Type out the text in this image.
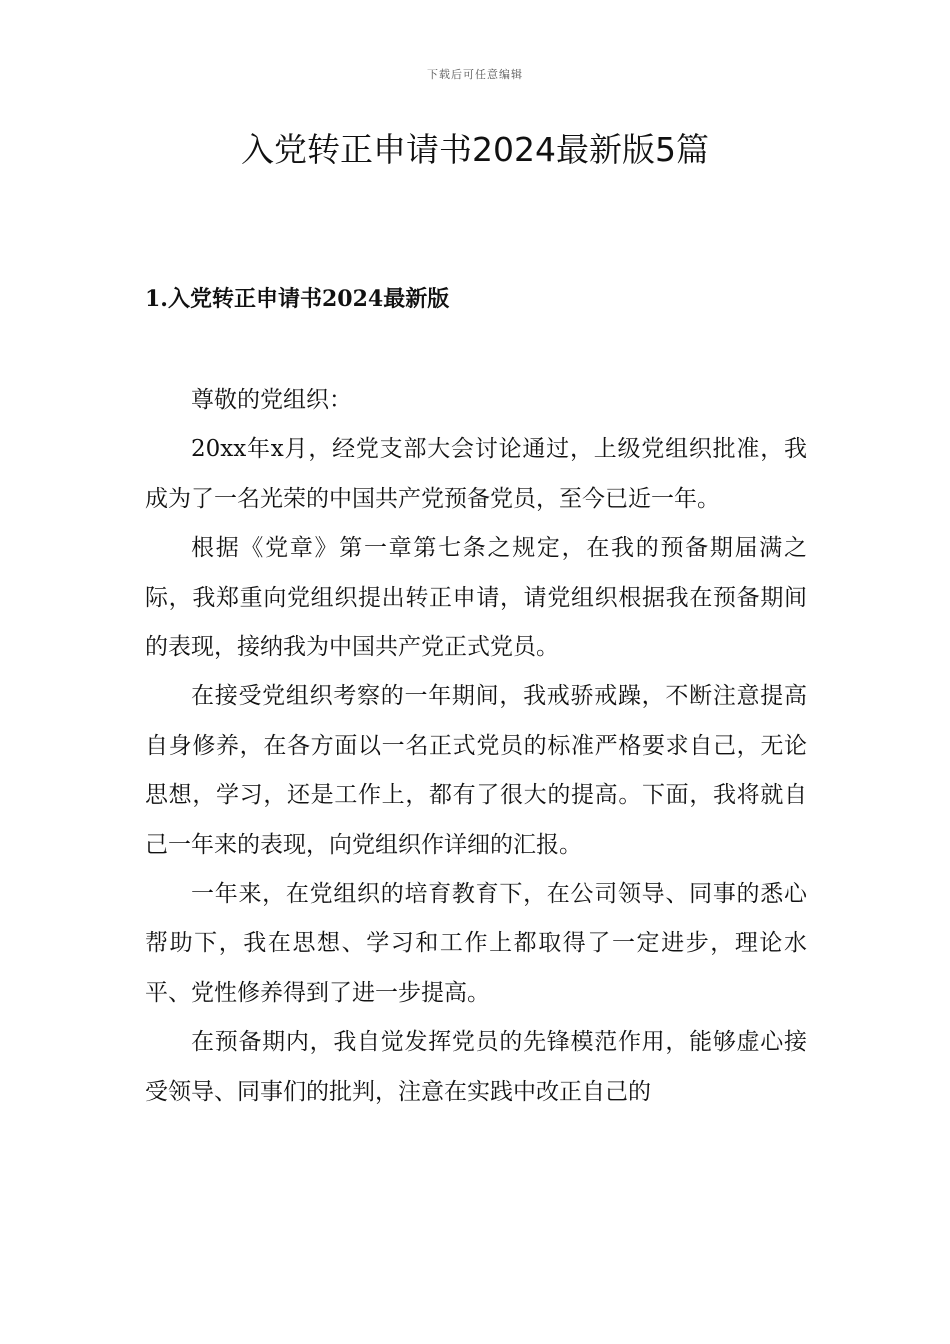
下载后可任意编辑
入党转正申请书2024最新版5篇
1.入党转正申请书2024最新版

尊敬的党组织：

20xx年x月，经党支部大会讨论通过，上级党组织批准，我成为了一名光荣的中国共产党预备党员，至今已近一年。

根据《党章》第一章第七条之规定，在我的预备期届满之际，我郑重向党组织提出转正申请，请党组织根据我在预备期间的表现，接纳我为中国共产党正式党员。

在接受党组织考察的一年期间，我戒骄戒躁，不断注意提高自身修养，在各方面以一名正式党员的标准严格要求自己，无论思想，学习，还是工作上，都有了很大的提高。下面，我将就自己一年来的表现，向党组织作详细的汇报。

一年来，在党组织的培育教育下，在公司领导、同事的悉心帮助下，我在思想、学习和工作上都取得了一定进步，理论水平、党性修养得到了进一步提高。

在预备期内，我自觉发挥党员的先锋模范作用，能够虚心接受领导、同事们的批判，注意在实践中改正自己的
